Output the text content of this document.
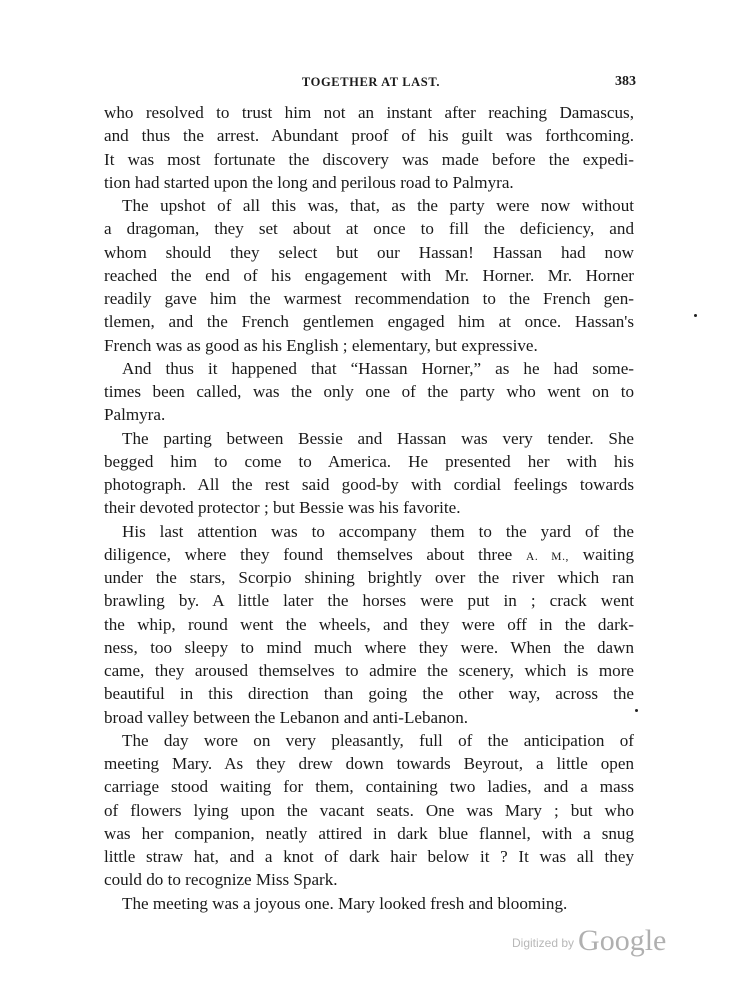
TOGETHER AT LAST.	383
who resolved to trust him not an instant after reaching Damascus,
and thus the arrest. Abundant proof of his guilt was forthcoming.
It was most fortunate the discovery was made before the expedi-
tion had started upon the long and perilous road to Palmyra.
The upshot of all this was, that, as the party were now without
a dragoman, they set about at once to fill the deficiency, and
whom should they select but our Hassan! Hassan had now
reached the end of his engagement with Mr. Horner. Mr. Horner
readily gave him the warmest recommendation to the French gen-
tlemen, and the French gentlemen engaged him at once. Hassan's
French was as good as his English ; elementary, but expressive.
And thus it happened that “Hassan Horner,” as he had some-
times been called, was the only one of the party who went on to
Palmyra.
The parting between Bessie and Hassan was very tender. She
begged him to come to America. He presented her with his
photograph. All the rest said good-by with cordial feelings towards
their devoted protector ; but Bessie was his favorite.
His last attention was to accompany them to the yard of the
diligence, where they found themselves about three A. M., waiting
under the stars, Scorpio shining brightly over the river which ran
brawling by. A little later the horses were put in ; crack went
the whip, round went the wheels, and they were off in the dark-
ness, too sleepy to mind much where they were. When the dawn
came, they aroused themselves to admire the scenery, which is more
beautiful in this direction than going the other way, across the
broad valley between the Lebanon and anti-Lebanon.
The day wore on very pleasantly, full of the anticipation of
meeting Mary. As they drew down towards Beyrout, a little open
carriage stood waiting for them, containing two ladies, and a mass
of flowers lying upon the vacant seats. One was Mary ; but who
was her companion, neatly attired in dark blue flannel, with a snug
little straw hat, and a knot of dark hair below it ? It was all they
could do to recognize Miss Spark.
The meeting was a joyous one. Mary looked fresh and blooming.
Digitized by Google
